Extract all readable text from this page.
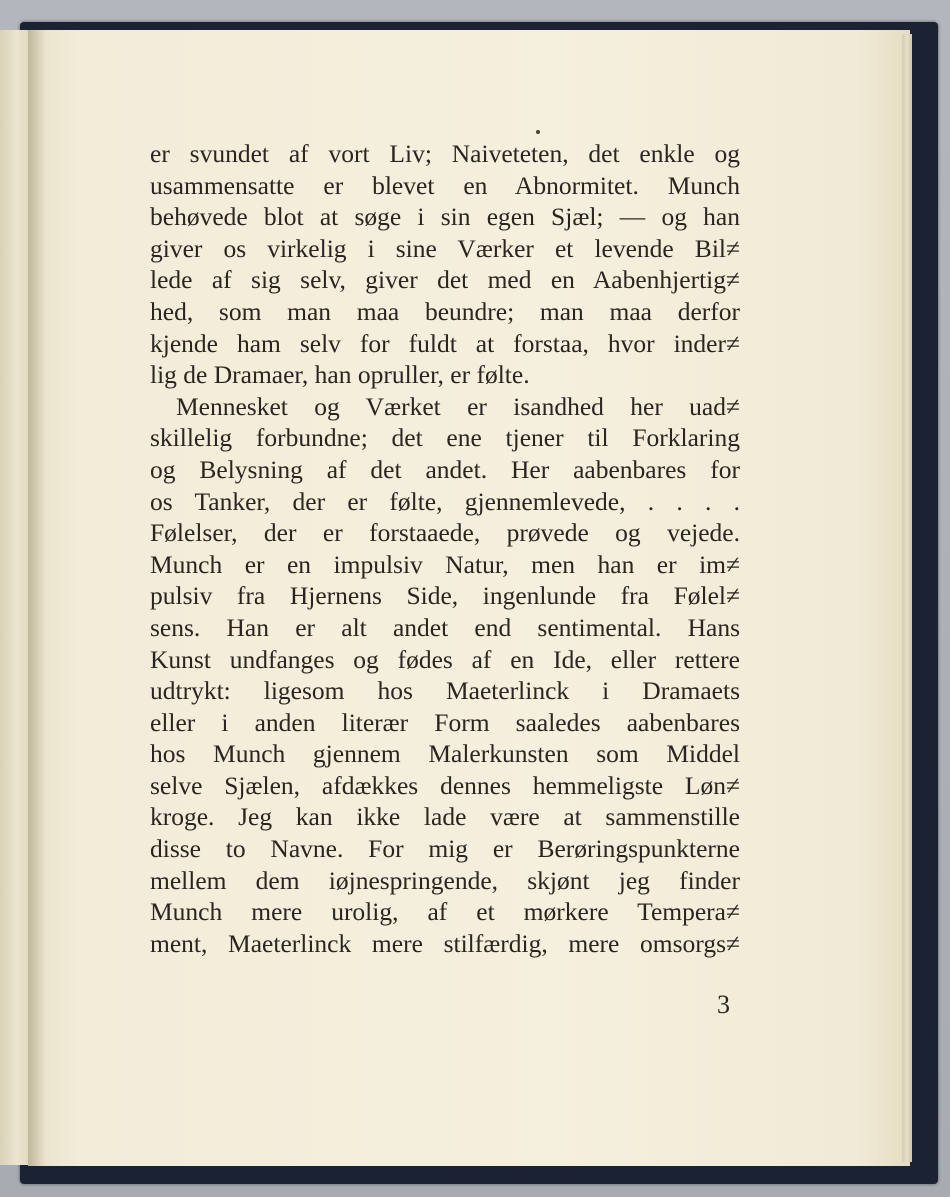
er svundet af vort Liv; Naiveteten, det enkle og
usammensatte er blevet en Abnormitet. Munch
behøvede blot at søge i sin egen Sjæl; — og han
giver os virkelig i sine Værker et levende Bil≠
lede af sig selv, giver det med en Aabenhjertig≠
hed, som man maa beundre; man maa derfor
kjende ham selv for fuldt at forstaa, hvor inder≠
lig de Dramaer, han opruller, er følte.
Mennesket og Værket er isandhed her uad≠
skillelig forbundne; det ene tjener til Forklaring
og Belysning af det andet. Her aabenbares for
os Tanker, der er følte, gjennemlevede, . . . .
Følelser, der er forstaaede, prøvede og vejede.
Munch er en impulsiv Natur, men han er im≠
pulsiv fra Hjernens Side, ingenlunde fra Følel≠
sens. Han er alt andet end sentimental. Hans
Kunst undfanges og fødes af en Ide, eller rettere
udtrykt: ligesom hos Maeterlinck i Dramaets
eller i anden literær Form saaledes aabenbares
hos Munch gjennem Malerkunsten som Middel
selve Sjælen, afdækkes dennes hemmeligste Løn≠
kroge. Jeg kan ikke lade være at sammenstille
disse to Navne. For mig er Berøringspunkterne
mellem dem iøjnespringende, skjønt jeg finder
Munch mere urolig, af et mørkere Tempera≠
ment, Maeterlinck mere stilfærdig, mere omsorgs≠
3
